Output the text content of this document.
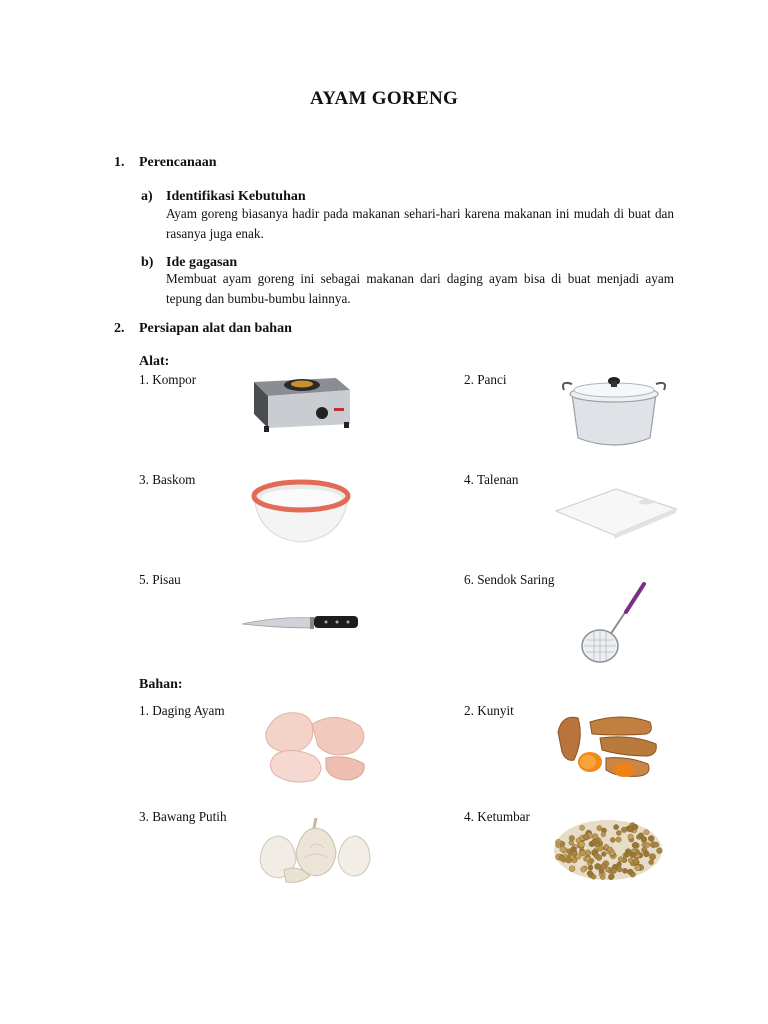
AYAM GORENG
1. Perencanaan
a) Identifikasi Kebutuhan
Ayam goreng biasanya hadir pada makanan sehari-hari karena makanan ini mudah di buat dan rasanya juga enak.
b) Ide gagasan
Membuat ayam goreng ini sebagai makanan dari daging ayam bisa di buat menjadi ayam tepung dan bumbu-bumbu lainnya.
2. Persiapan alat dan bahan
Alat:
1. Kompor	2. Panci
3. Baskom	4. Talenan
5. Pisau	6. Sendok Saring
Bahan:
1. Daging Ayam	2. Kunyit
3. Bawang Putih	4. Ketumbar
